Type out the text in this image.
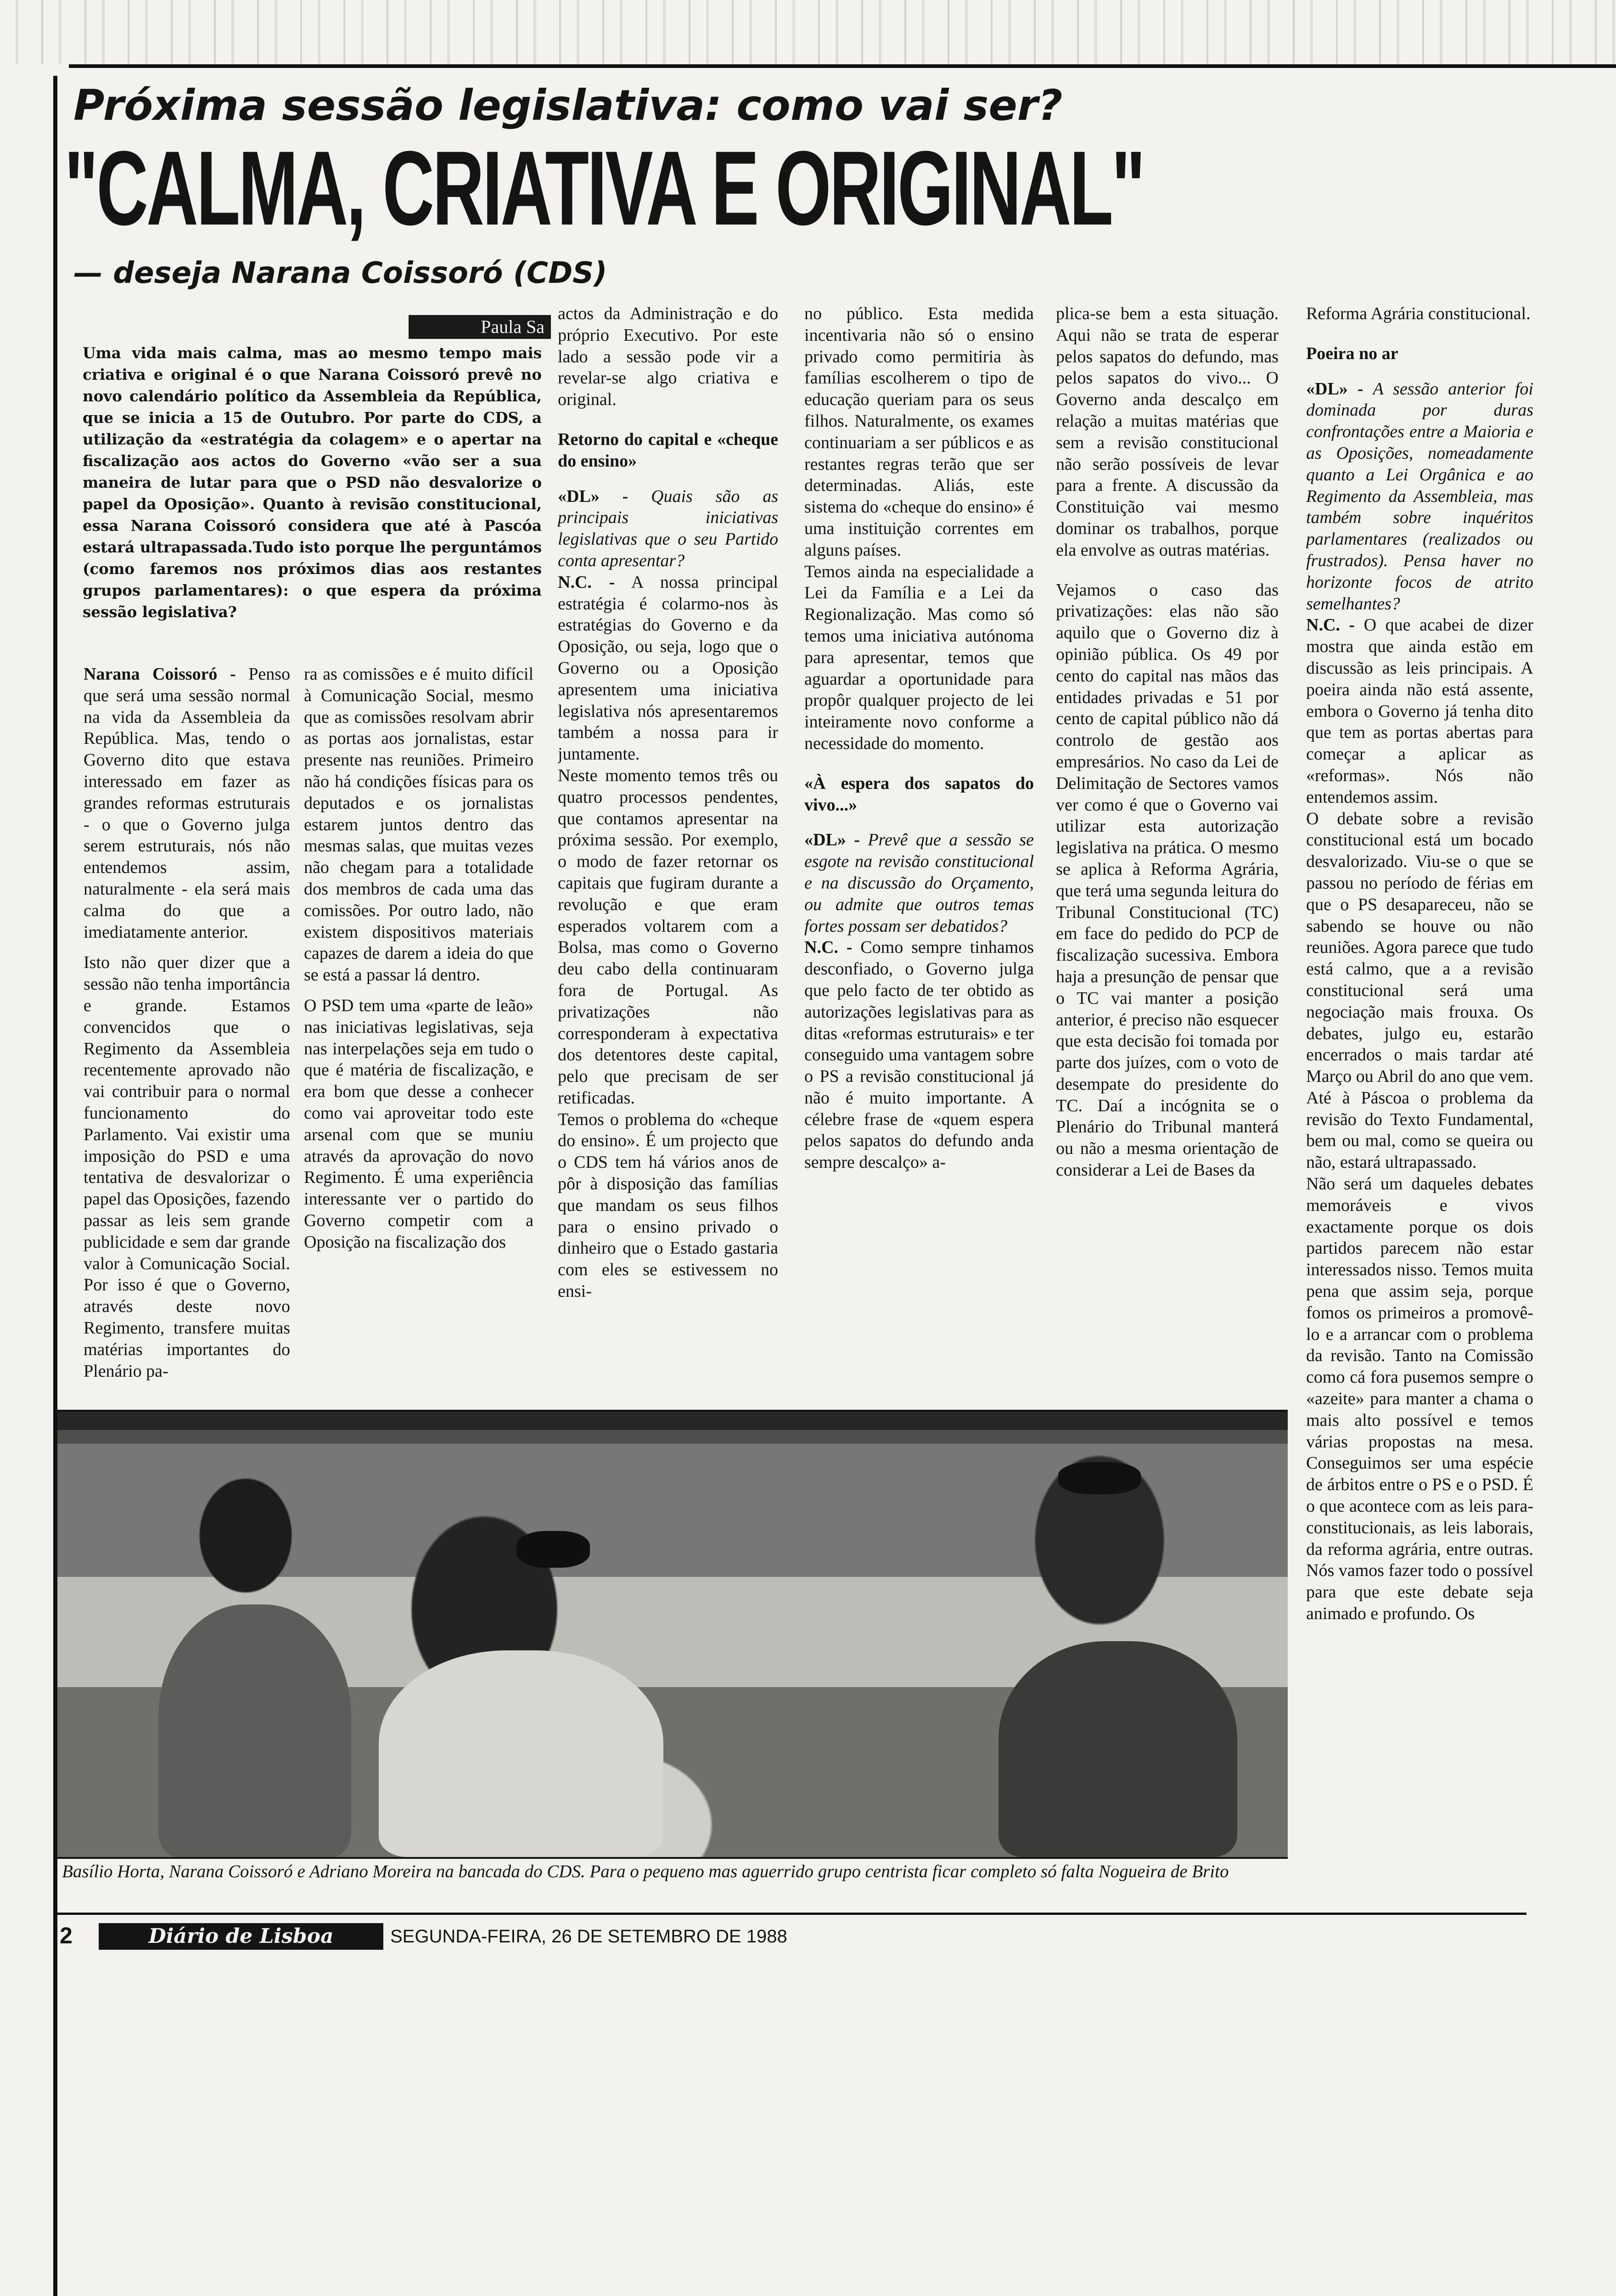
Próxima sessão legislativa: como vai ser?
"CALMA, CRIATIVA E ORIGINAL"
— deseja Narana Coissoró (CDS)
Paula Sa
Uma vida mais calma, mas ao mesmo tempo mais criativa e original é o que Narana Coissoró prevê no novo calendário político da Assembleia da República, que se inicia a 15 de Outubro. Por parte do CDS, a utilização da «estratégia da colagem» e o apertar na fiscalização aos actos do Governo «vão ser a sua maneira de lutar para que o PSD não desvalorize o papel da Oposição». Quanto à revisão constitucional, essa Narana Coissoró considera que até à Pascóa estará ultrapassada.Tudo isto porque lhe perguntámos (como faremos nos próximos dias aos restantes grupos parlamentares): o que espera da próxima sessão legislativa?

Narana Coissoró - Penso que será uma sessão normal na vida da Assembleia da República. Mas, tendo o Governo dito que estava interessado em fazer as grandes reformas estruturais - o que o Governo julga serem estruturais, nós não entendemos assim, naturalmente - ela será mais calma do que a imediatamente anterior.

Isto não quer dizer que a sessão não tenha importância e grande. Estamos convencidos que o Regimento da Assembleia recentemente aprovado não vai contribuir para o normal funcionamento do Parlamento. Vai existir uma imposição do PSD e uma tentativa de desvalorizar o papel das Oposições, fazendo passar as leis sem grande publicidade e sem dar grande valor à Comunicação Social. Por isso é que o Governo, através deste novo Regimento, transfere muitas matérias importantes do Plenário pa-

ra as comissões e é muito difícil à Comunicação Social, mesmo que as comissões resolvam abrir as portas aos jornalistas, estar presente nas reuniões. Primeiro não há condições físicas para os deputados e os jornalistas estarem juntos dentro das mesmas salas, que muitas vezes não chegam para a totalidade dos membros de cada uma das comissões. Por outro lado, não existem dispositivos materiais capazes de darem a ideia do que se está a passar lá dentro.

O PSD tem uma «parte de leão» nas iniciativas legislativas, seja nas interpelações seja em tudo o que é matéria de fiscalização, e era bom que desse a conhecer como vai aproveitar todo este arsenal com que se muniu através da aprovação do novo Regimento. É uma experiência interessante ver o partido do Governo competir com a Oposição na fiscalização dos

actos da Administração e do próprio Executivo. Por este lado a sessão pode vir a revelar-se algo criativa e original.

Retorno do capital e «cheque do ensino»

«DL» - Quais são as principais iniciativas legislativas que o seu Partido conta apresentar?

N.C. - A nossa principal estratégia é colarmo-nos às estratégias do Governo e da Oposição, ou seja, logo que o Governo ou a Oposição apresentem uma iniciativa legislativa nós apresentaremos também a nossa para ir juntamente.

Neste momento temos três ou quatro processos pendentes, que contamos apresentar na próxima sessão. Por exemplo, o modo de fazer retornar os capitais que fugiram durante a revolução e que eram esperados voltarem com a Bolsa, mas como o Governo deu cabo della continuaram fora de Portugal. As privatizações não corresponderam à expectativa dos detentores deste capital, pelo que precisam de ser retificadas.

Temos o problema do «cheque do ensino». É um projecto que o CDS tem há vários anos de pôr à disposição das famílias que mandam os seus filhos para o ensino privado o dinheiro que o Estado gastaria com eles se estivessem no ensi-

no público. Esta medida incentivaria não só o ensino privado como permitiria às famílias escolherem o tipo de educação queriam para os seus filhos. Naturalmente, os exames continuariam a ser públicos e as restantes regras terão que ser determinadas. Aliás, este sistema do «cheque do ensino» é uma instituição correntes em alguns países.

Temos ainda na especialidade a Lei da Família e a Lei da Regionalização. Mas como só temos uma iniciativa autónoma para apresentar, temos que aguardar a oportunidade para propôr qualquer projecto de lei inteiramente novo conforme a necessidade do momento.

«À espera dos sapatos do vivo...»

«DL» - Prevê que a sessão se esgote na revisão constitucional e na discussão do Orçamento, ou admite que outros temas fortes possam ser debatidos?

N.C. - Como sempre tinhamos desconfiado, o Governo julga que pelo facto de ter obtido as autorizações legislativas para as ditas «reformas estruturais» e ter conseguido uma vantagem sobre o PS a revisão constitucional já não é muito importante. A célebre frase de «quem espera pelos sapatos do defundo anda sempre descalço» a-

plica-se bem a esta situação. Aqui não se trata de esperar pelos sapatos do defundo, mas pelos sapatos do vivo... O Governo anda descalço em relação a muitas matérias que sem a revisão constitucional não serão possíveis de levar para a frente. A discussão da Constituição vai mesmo dominar os trabalhos, porque ela envolve as outras matérias.

Vejamos o caso das privatizações: elas não são aquilo que o Governo diz à opinião pública. Os 49 por cento do capital nas mãos das entidades privadas e 51 por cento de capital público não dá controlo de gestão aos empresários. No caso da Lei de Delimitação de Sectores vamos ver como é que o Governo vai utilizar esta autorização legislativa na prática. O mesmo se aplica à Reforma Agrária, que terá uma segunda leitura do Tribunal Constitucional (TC) em face do pedido do PCP de fiscalização sucessiva. Embora haja a presunção de pensar que o TC vai manter a posição anterior, é preciso não esquecer que esta decisão foi tomada por parte dos juízes, com o voto de desempate do presidente do TC. Daí a incógnita se o Plenário do Tribunal manterá ou não a mesma orientação de considerar a Lei de Bases da

Reforma Agrária constitucional.

Poeira no ar

«DL» - A sessão anterior foi dominada por duras confrontações entre a Maioria e as Oposições, nomeadamente quanto a Lei Orgânica e ao Regimento da Assembleia, mas também sobre inquéritos parlamentares (realizados ou frustrados). Pensa haver no horizonte focos de atrito semelhantes?

N.C. - O que acabei de dizer mostra que ainda estão em discussão as leis principais. A poeira ainda não está assente, embora o Governo já tenha dito que tem as portas abertas para começar a aplicar as «reformas». Nós não entendemos assim.

O debate sobre a revisão constitucional está um bocado desvalorizado. Viu-se o que se passou no período de férias em que o PS desapareceu, não se sabendo se houve ou não reuniões. Agora parece que tudo está calmo, que a a revisão constitucional será uma negociação mais frouxa. Os debates, julgo eu, estarão encerrados o mais tardar até Março ou Abril do ano que vem. Até à Páscoa o problema da revisão do Texto Fundamental, bem ou mal, como se queira ou não, estará ultrapassado.

Não será um daqueles debates memoráveis e vivos exactamente porque os dois partidos parecem não estar interessados nisso. Temos muita pena que assim seja, porque fomos os primeiros a promovê-lo e a arrancar com o problema da revisão. Tanto na Comissão como cá fora pusemos sempre o «azeite» para manter a chama o mais alto possível e temos várias propostas na mesa. Conseguimos ser uma espécie de árbitos entre o PS e o PSD. É o que acontece com as leis para-constitucionais, as leis laborais, da reforma agrária, entre outras. Nós vamos fazer todo o possível para que este debate seja animado e profundo. Os

Basílio Horta, Narana Coissoró e Adriano Moreira na bancada do CDS. Para o pequeno mas aguerrido grupo centrista ficar completo só falta Nogueira de Brito
2	Diário de Lisboa	SEGUNDA-FEIRA, 26 DE SETEMBRO DE 1988
